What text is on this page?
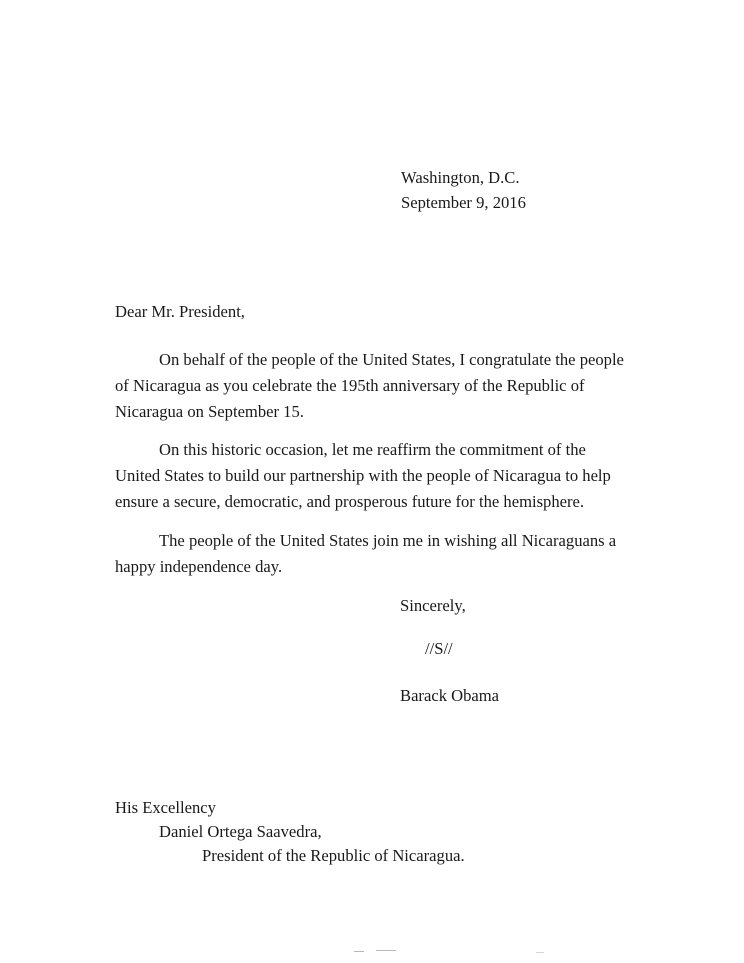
Washington, D.C.
September 9, 2016
Dear Mr. President,
On behalf of the people of the United States, I congratulate the people
of Nicaragua as you celebrate the 195th anniversary of the Republic of
Nicaragua on September 15.
On this historic occasion, let me reaffirm the commitment of the
United States to build our partnership with the people of Nicaragua to help
ensure a secure, democratic, and prosperous future for the hemisphere.
The people of the United States join me in wishing all Nicaraguans a
happy independence day.
Sincerely,
//S//
Barack Obama
His Excellency
Daniel Ortega Saavedra,
President of the Republic of Nicaragua.
